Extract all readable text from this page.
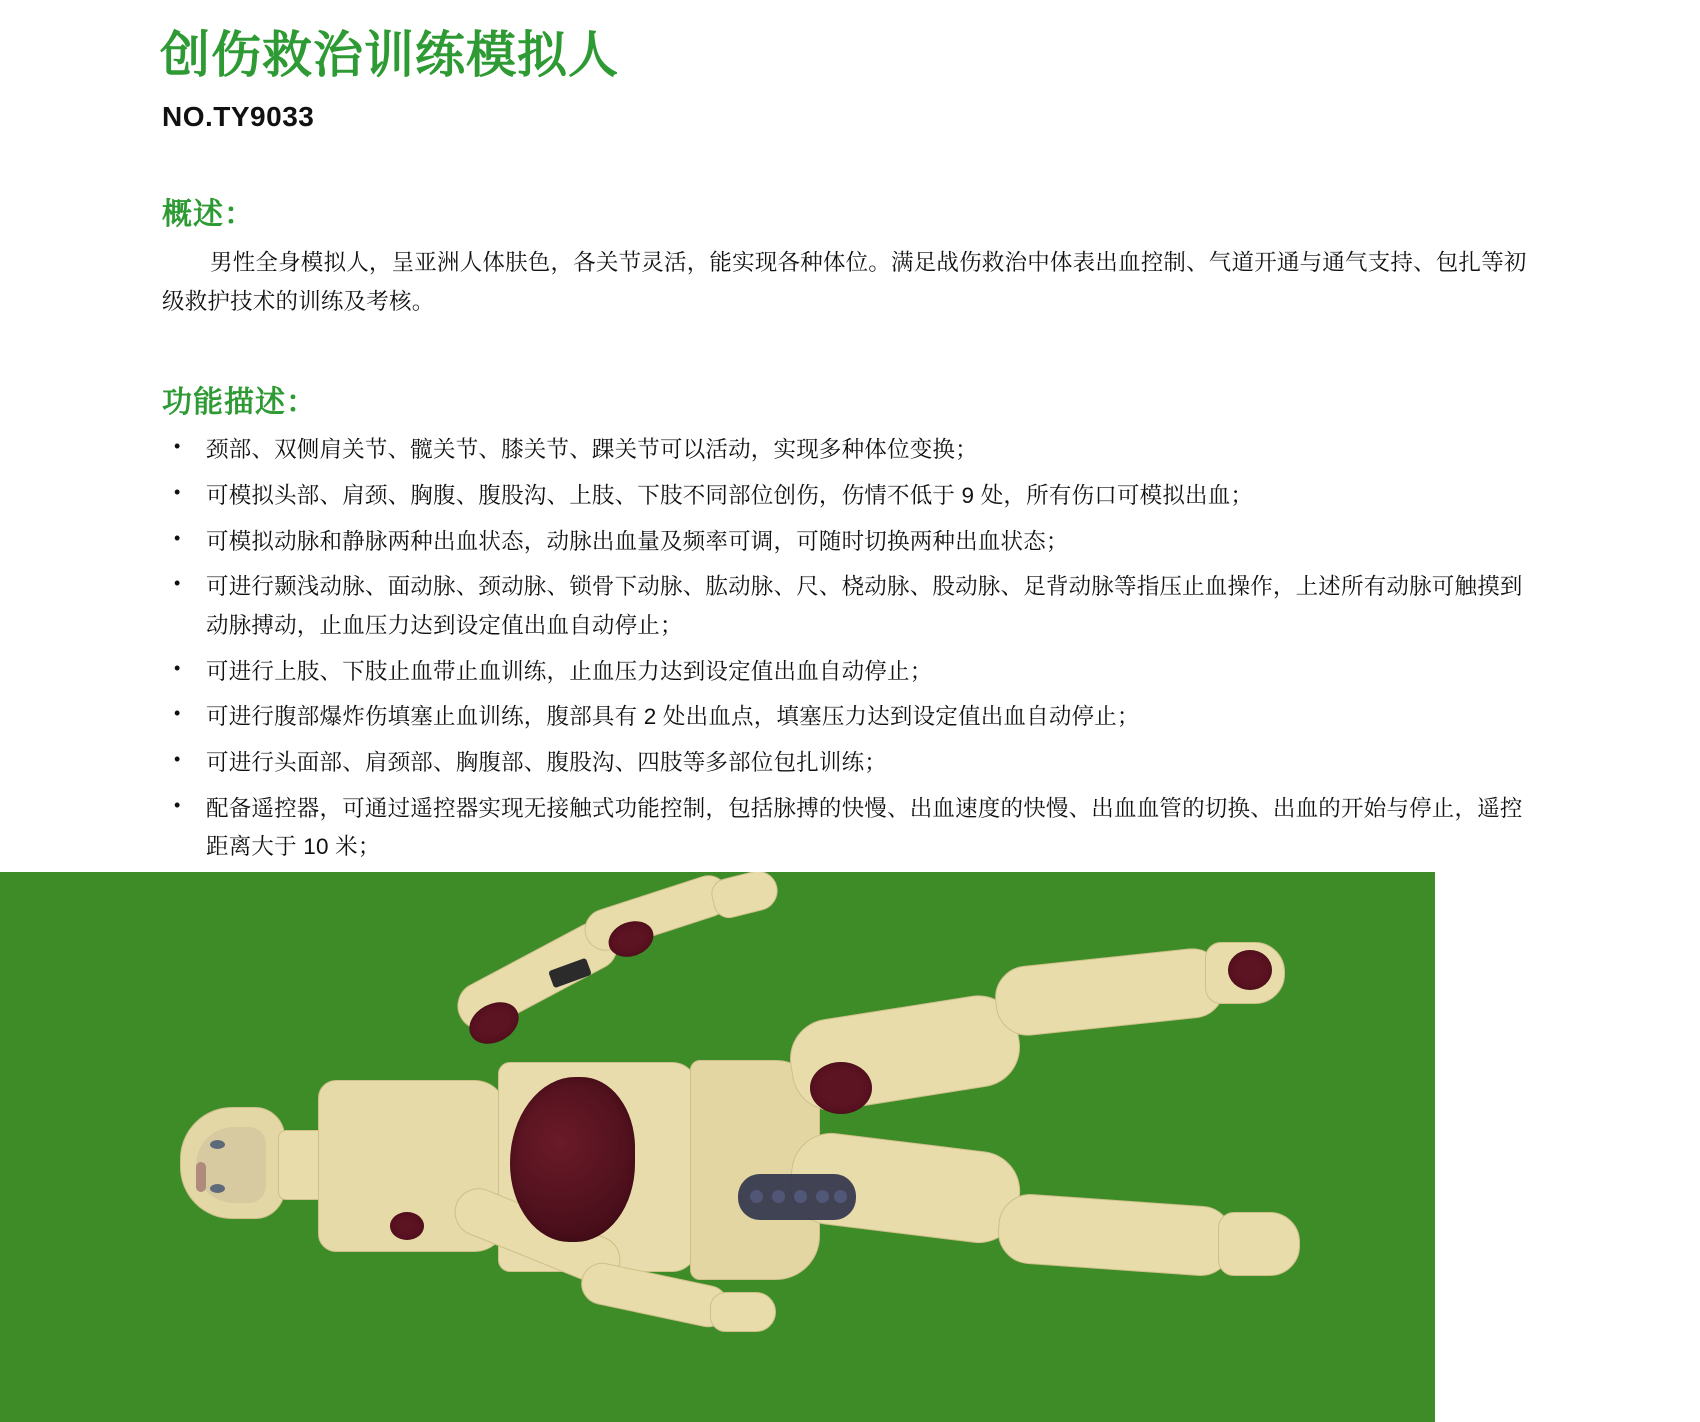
创伤救治训练模拟人
NO.TY9033
概述：

男性全身模拟人，呈亚洲人体肤色，各关节灵活，能实现各种体位。满足战伤救治中体表出血控制、气道开通与通气支持、包扎等初级救护技术的训练及考核。

功能描述：
•	颈部、双侧肩关节、髋关节、膝关节、踝关节可以活动，实现多种体位变换；
•	可模拟头部、肩颈、胸腹、腹股沟、上肢、下肢不同部位创伤，伤情不低于 9 处，所有伤口可模拟出血；
•	可模拟动脉和静脉两种出血状态，动脉出血量及频率可调，可随时切换两种出血状态；
•	可进行颞浅动脉、面动脉、颈动脉、锁骨下动脉、肱动脉、尺、桡动脉、股动脉、足背动脉等指压止血操作，上述所有动脉可触摸到动脉搏动，止血压力达到设定值出血自动停止；
•	可进行上肢、下肢止血带止血训练，止血压力达到设定值出血自动停止；
•	可进行腹部爆炸伤填塞止血训练，腹部具有 2 处出血点，填塞压力达到设定值出血自动停止；
•	可进行头面部、肩颈部、胸腹部、腹股沟、四肢等多部位包扎训练；
•	配备遥控器，可通过遥控器实现无接触式功能控制，包括脉搏的快慢、出血速度的快慢、出血血管的切换、出血的开始与停止，遥控距离大于 10 米；
